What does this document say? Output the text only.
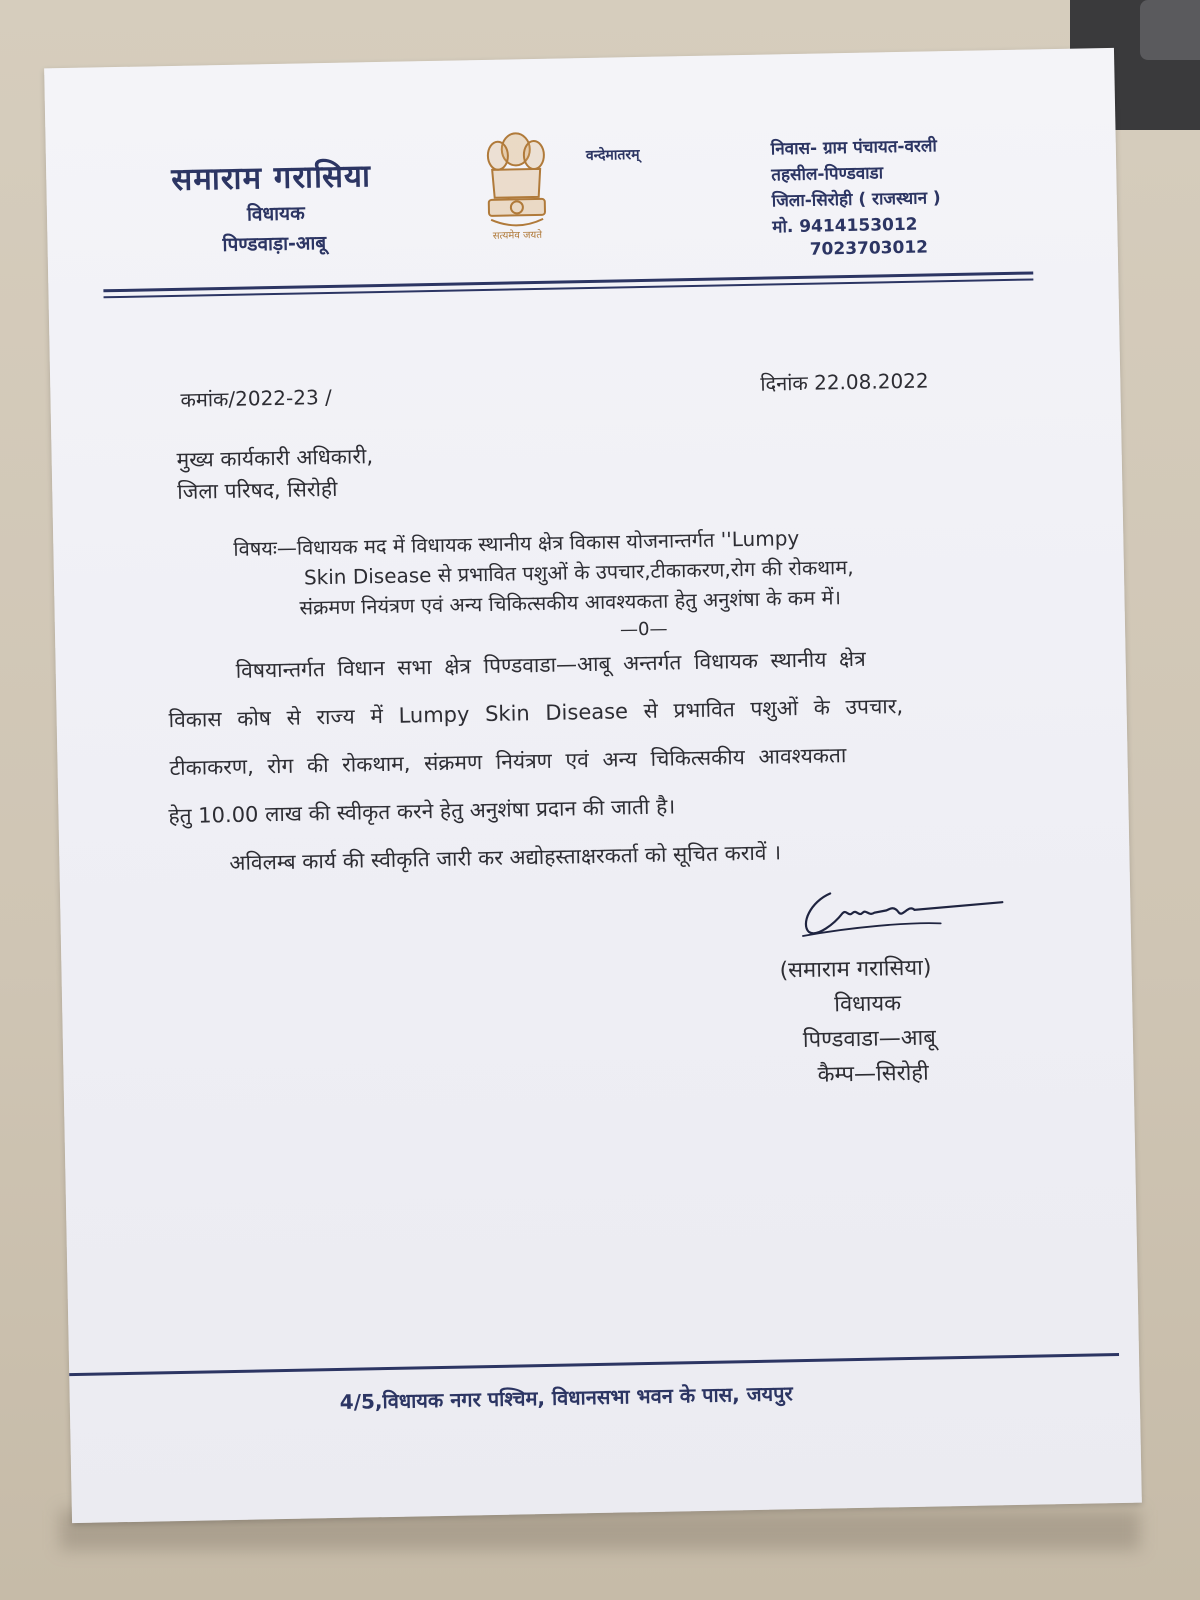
समाराम गरासिया
विधायक
पिण्डवाड़ा-आबू	सत्यमेव जयते
वन्देमातरम्	निवास- ग्राम पंचायत-वरली
तहसील-पिण्डवाडा
जिला-सिरोही ( राजस्थान )
मो. 9414153012
7023703012
कमांक/2022-23 /
दिनांक 22.08.2022
मुख्य कार्यकारी अधिकारी,
जिला परिषद, सिरोही
विषयः—विधायक मद में विधायक स्थानीय क्षेत्र विकास योजनान्तर्गत ''Lumpy
Skin Disease से प्रभावित पशुओं के उपचार,टीकाकरण,रोग की रोकथाम,
संक्रमण नियंत्रण एवं अन्य चिकित्सकीय आवश्यकता हेतु अनुशंषा के कम में।
—0—
विषयान्तर्गत विधान सभा क्षेत्र पिण्डवाडा—आबू अन्तर्गत विधायक स्थानीय क्षेत्र
विकास कोष से राज्य में Lumpy Skin Disease से प्रभावित पशुओं के उपचार,
टीकाकरण, रोग की रोकथाम, संक्रमण नियंत्रण एवं अन्य चिकित्सकीय आवश्यकता
हेतु 10.00 लाख की स्वीकृत करने हेतु अनुशंषा प्रदान की जाती है।
अविलम्ब कार्य की स्वीकृति जारी कर अद्योहस्ताक्षरकर्ता को सूचित करावें ।
(समाराम गरासिया)
विधायक
पिण्डवाडा—आबू
कैम्प—सिरोही
4/5,विधायक नगर पश्चिम, विधानसभा भवन के पास, जयपुर
